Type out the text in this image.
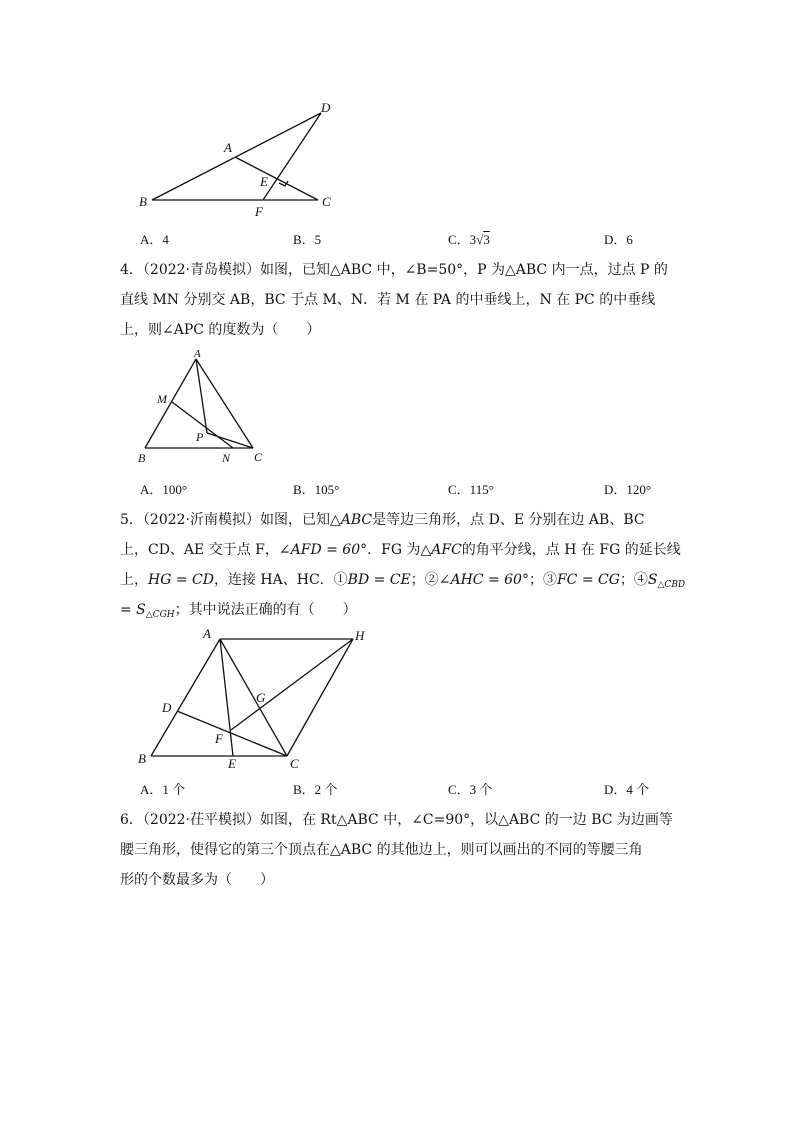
D
A
E
B
F
C
A．4	B．5	C．3√3	D．6
4．（2022·青岛模拟）如图，已知△ABC 中，∠B=50°，P 为△ABC 内一点，过点 P 的
直线 MN 分别交 AB，BC 于点 M、N．若 M 在 PA 的中垂线上，N 在 PC 的中垂线
上，则∠APC 的度数为（　　）
A
M
P
B	N C
A．100°	B．105°	C．115°	D．120°
5．（2022·沂南模拟）如图，已知△ABC是等边三角形，点 D、E 分别在边 AB、BC
上，CD、AE 交于点 F，∠AFD = 60°．FG 为△AFC的角平分线，点 H 在 FG 的延长线
上，HG = CD，连接 HA、HC．①BD = CE；②∠AHC = 60°；③FC = CG；$④S_{\triangle CBD}$
= $S_{\triangle CGH}$；其中说法正确的有（　　）
A	H
D
G
F
B	E	C
A．1 个	B．2 个	C．3 个	D．4 个
6．（2022·茌平模拟）如图，在 Rt△ABC 中，∠C=90°，以△ABC 的一边 BC 为边画等
腰三角形，使得它的第三个顶点在△ABC 的其他边上，则可以画出的不同的等腰三角
形的个数最多为（　　）
